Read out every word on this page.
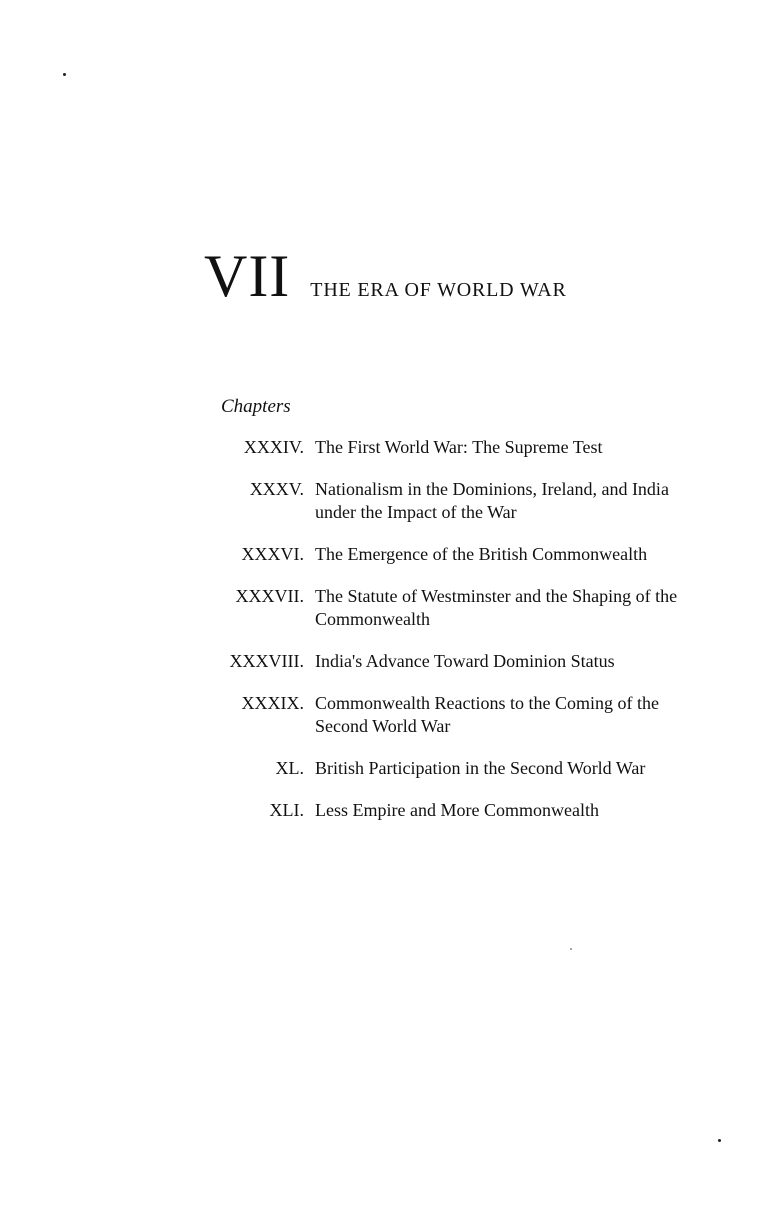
VII THE ERA OF WORLD WAR
Chapters
XXXIV. The First World War: The Supreme Test
XXXV. Nationalism in the Dominions, Ireland, and India under the Impact of the War
XXXVI. The Emergence of the British Commonwealth
XXXVII. The Statute of Westminster and the Shaping of the Commonwealth
XXXVIII. India's Advance Toward Dominion Status
XXXIX. Commonwealth Reactions to the Coming of the Second World War
XL. British Participation in the Second World War
XLI. Less Empire and More Commonwealth
